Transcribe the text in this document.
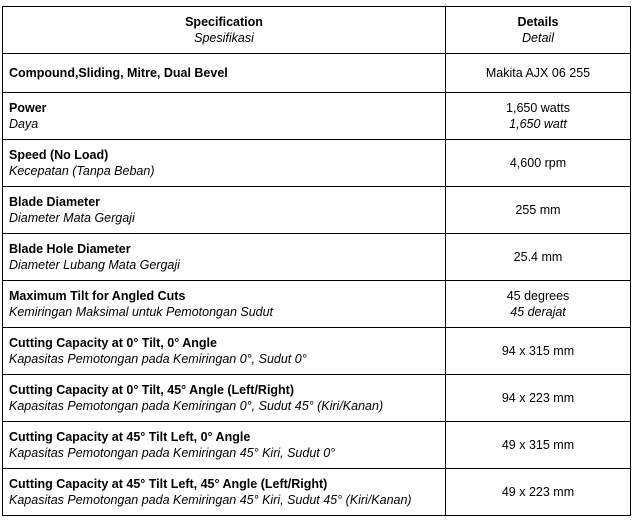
Specification
Spesifikasi	Details
Detail

Compound,Sliding, Mitre, Dual Bevel	Makita AJX 06 255

Power
Daya	1,650 watts
1,650 watt

Speed (No Load)
Kecepatan (Tanpa Beban)	4,600 rpm

Blade Diameter
Diameter Mata Gergaji	255 mm

Blade Hole Diameter
Diameter Lubang Mata Gergaji	25.4 mm

Maximum Tilt for Angled Cuts
Kemiringan Maksimal untuk Pemotongan Sudut	45 degrees
45 derajat

Cutting Capacity at 0° Tilt, 0° Angle
Kapasitas Pemotongan pada Kemiringan 0°, Sudut 0°	94 x 315 mm

Cutting Capacity at 0° Tilt, 45° Angle (Left/Right)
Kapasitas Pemotongan pada Kemiringan 0°, Sudut 45° (Kiri/Kanan)	94 x 223 mm

Cutting Capacity at 45° Tilt Left, 0° Angle
Kapasitas Pemotongan pada Kemiringan 45° Kiri, Sudut 0°	49 x 315 mm

Cutting Capacity at 45° Tilt Left, 45° Angle (Left/Right)
Kapasitas Pemotongan pada Kemiringan 45° Kiri, Sudut 45° (Kiri/Kanan)	49 x 223 mm
